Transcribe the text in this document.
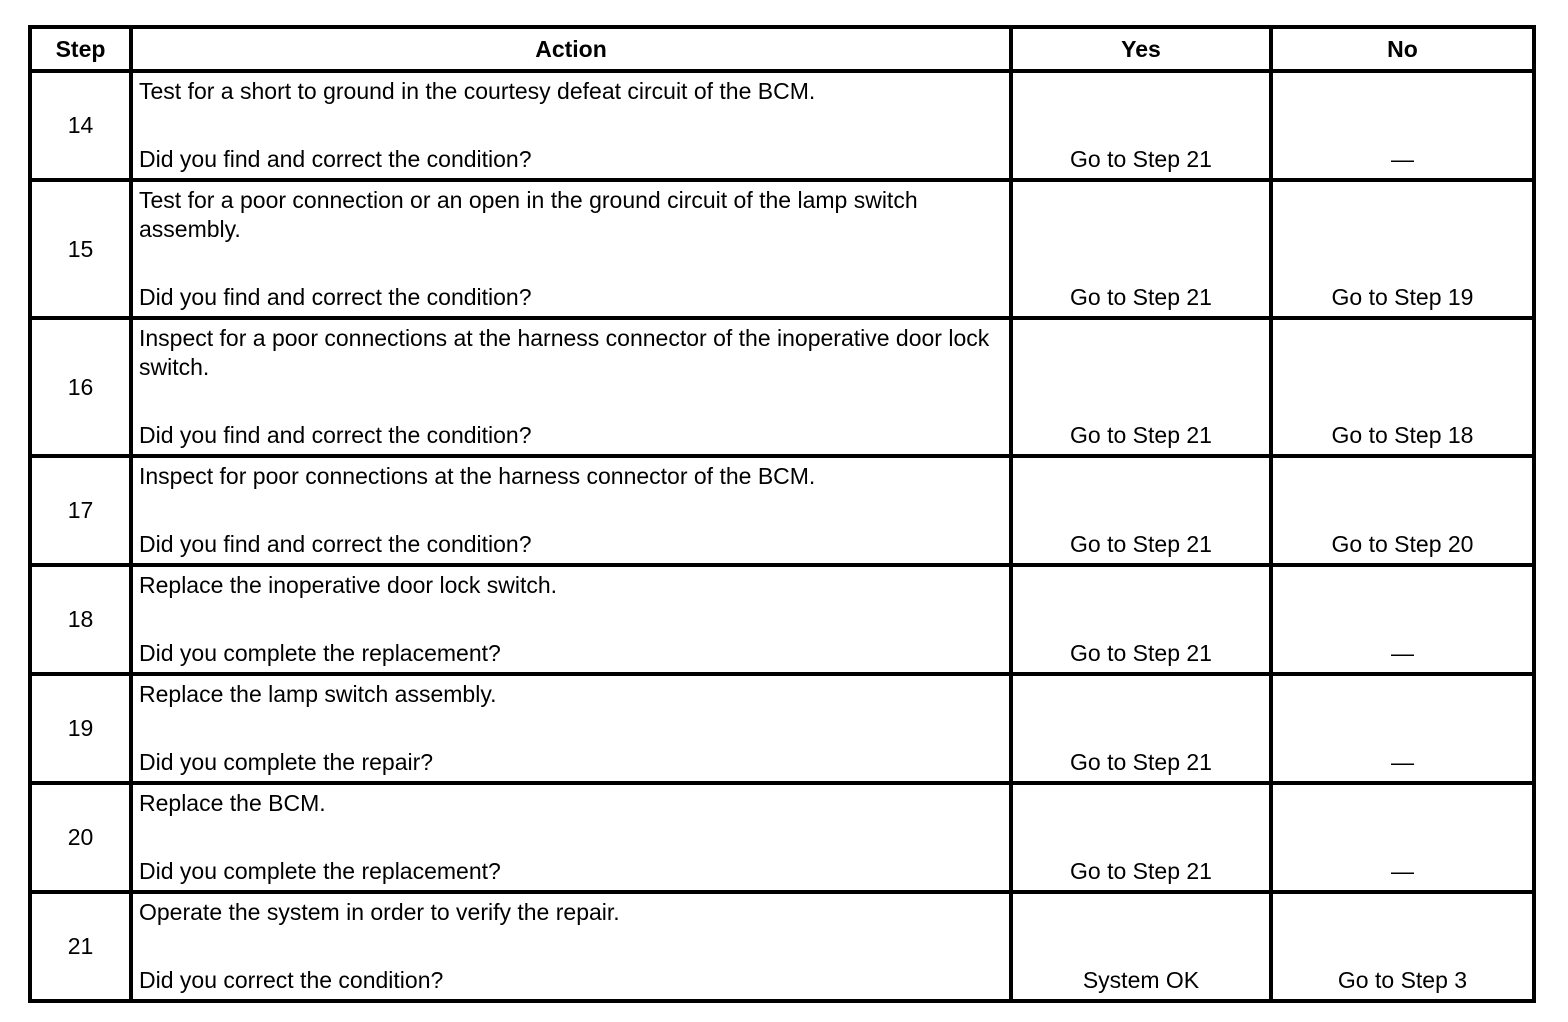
Step	Action	Yes	No
14	Test for a short to ground in the courtesy defeat circuit of the BCM.
Did you find and correct the condition?	Go to Step 21	—
15	Test for a poor connection or an open in the ground circuit of the lamp switch assembly.
Did you find and correct the condition?	Go to Step 21	Go to Step 19
16	Inspect for a poor connections at the harness connector of the inoperative door lock switch.
Did you find and correct the condition?	Go to Step 21	Go to Step 18
17	Inspect for poor connections at the harness connector of the BCM.
Did you find and correct the condition?	Go to Step 21	Go to Step 20
18	Replace the inoperative door lock switch.
Did you complete the replacement?	Go to Step 21	—
19	Replace the lamp switch assembly.
Did you complete the repair?	Go to Step 21	—
20	Replace the BCM.
Did you complete the replacement?	Go to Step 21	—
21	Operate the system in order to verify the repair.
Did you correct the condition?	System OK	Go to Step 3
